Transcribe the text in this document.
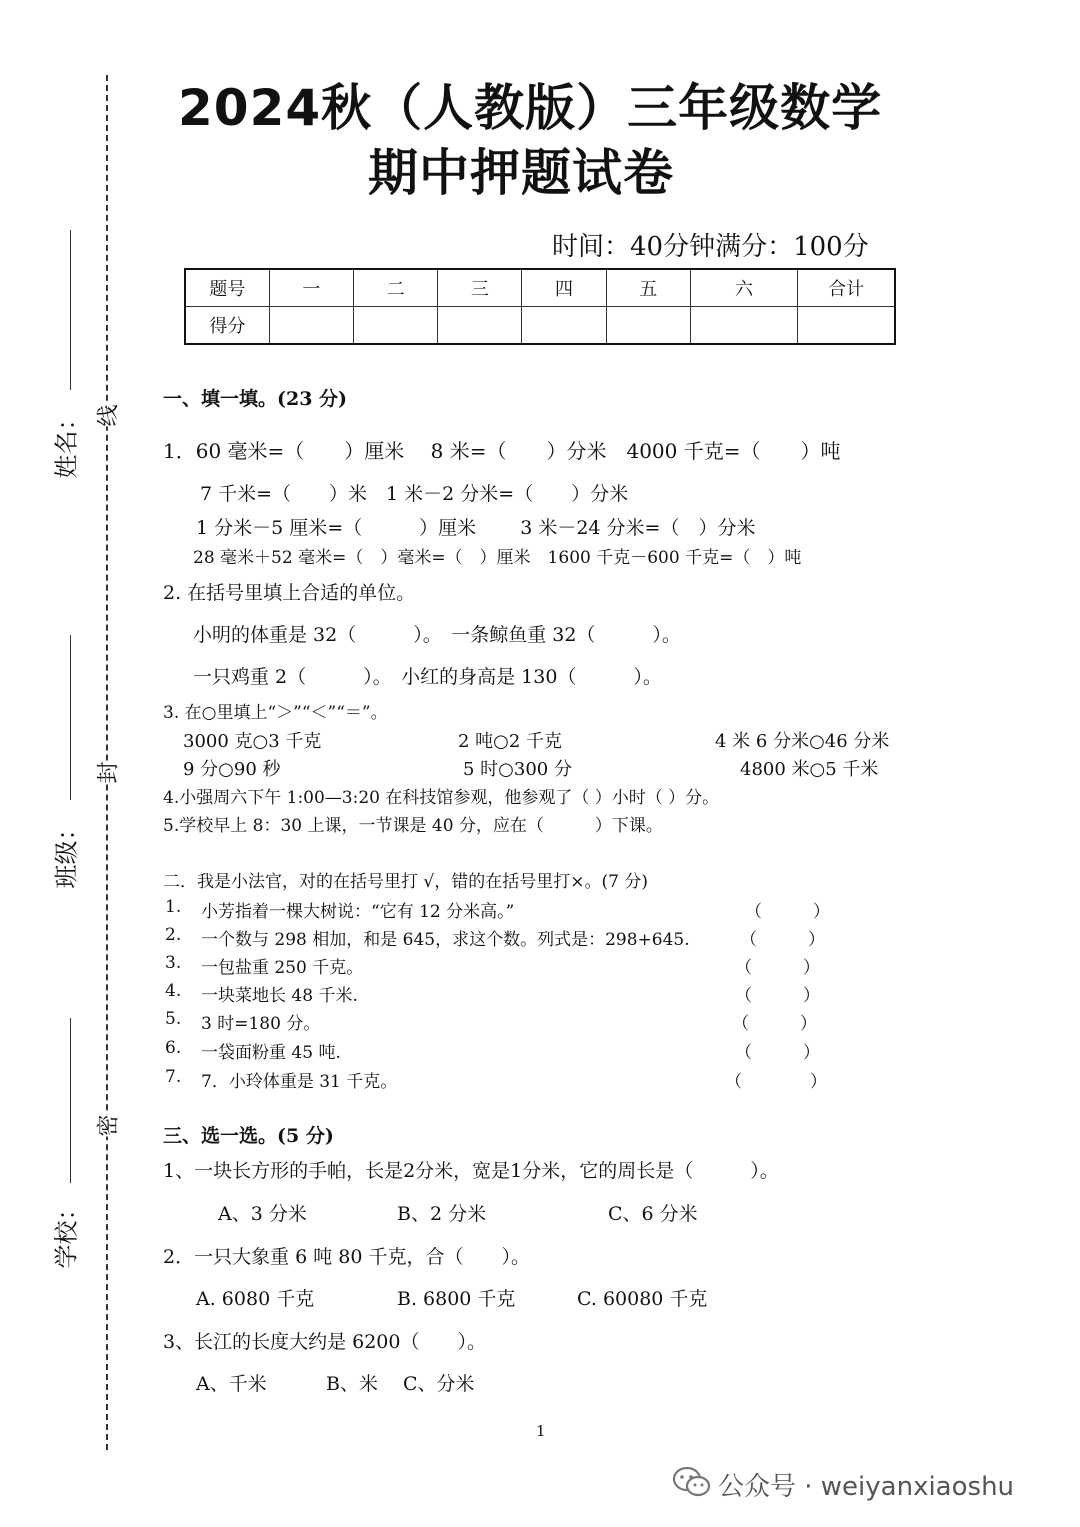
2024秋（人教版）三年级数学
期中押题试卷
时间：40分钟满分：100分
姓名：
班级：
学校：
线
封
密
题号	一	二	三	四	五	六	合计
得分							
一、填一填。(23 分)
1．60 毫米=（　　）厘米　 8 米=（　　）分米　4000 千克=（　　）吨
7 千米=（　　）米　1 米－2 分米=（　　）分米
1 分米－5 厘米=（　　　）厘米　　 3 米－24 分米=（　）分米
28 毫米＋52 毫米=（　）毫米=（　）厘米　1600 千克－600 千克=（　）吨
2. 在括号里填上合适的单位。
小明的体重是 32（　　　）。　一条鲸鱼重 32（　　　）。
一只鸡重 2（　　　）。　小红的身高是 130（　　　）。
3. 在○里填上“＞”“＜”“＝”。
3000 克○3 千克	2 吨○2 千克	4 米 6 分米○46 分米
9 分○90 秒	5 时○300 分	4800 米○5 千米
4.小强周六下午 1:00—3:20 在科技馆参观，他参观了（ ）小时（ ）分。
5.学校早上 8：30 上课，一节课是 40 分，应在（　　　）下课。
二．我是小法官，对的在括号里打 √，错的在括号里打×。(7 分)
1. 小芳指着一棵大树说：“它有 12 分米高。”	（　　　）
2. 一个数与 298 相加，和是 645，求这个数。列式是：298+645.	（　　　）
3. 一包盐重 250 千克。	（　　　）
4. 一块菜地长 48 千米.	（　　　）
5. 3 时=180 分。	（　　　）
6. 一袋面粉重 45 吨.	（　　　）
7. 7．小玲体重是 31 千克。	（　　　　）
三、选一选。(5 分)
1、一块长方形的手帕，长是2分米，宽是1分米，它的周长是（　　　）。
A、3 分米	B、2 分米	C、6 分米
2．一只大象重 6 吨 80 千克，合（　　）。
A. 6080 千克	B. 6800 千克	C. 60080 千克
3、长江的长度大约是 6200（　　）。
A、千米	B、米 C、分米
1
公众号 · weiyanxiaoshu
